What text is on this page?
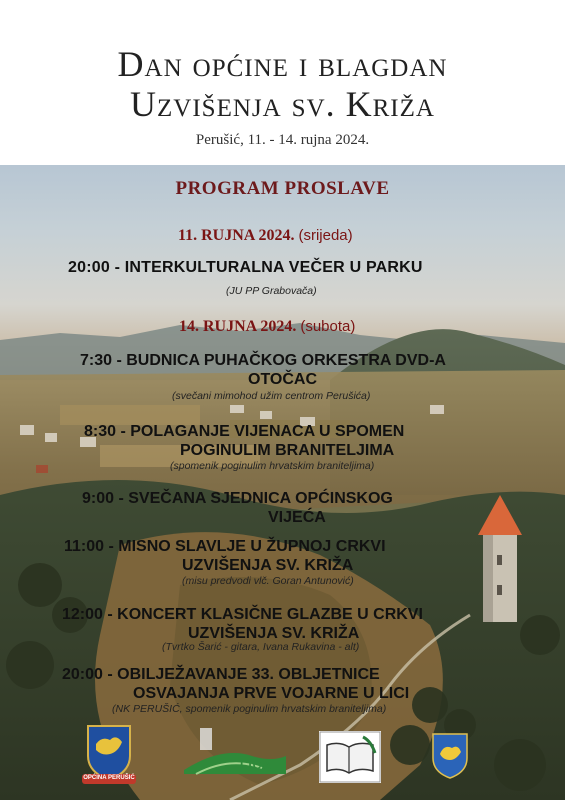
Dan općine i blagdan
Uzvišenja sv. Križa
Perušić, 11. - 14. rujna 2024.
PROGRAM PROSLAVE
11. RUJNA 2024. (srijeda)
20:00 - INTERKULTURALNA VEČER U PARKU
(JU PP Grabovača)
14. RUJNA 2024. (subota)
7:30 - BUDNICA PUHAČKOG ORKESTRA DVD-A
OTOČAC
(svečani mimohod užim centrom Perušića)
8:30 - POLAGANJE VIJENACA U SPOMEN
POGINULIM BRANITELJIMA
(spomenik poginulim hrvatskim braniteljima)
9:00 - SVEČANA SJEDNICA OPĆINSKOG
VIJEĆA
11:00 - MISNO SLAVLJE U ŽUPNOJ CRKVI
UZVIŠENJA SV. KRIŽA
(misu predvodi vlč. Goran Antunović)
12:00 - KONCERT KLASIČNE GLAZBE U CRKVI
UZVIŠENJA SV. KRIŽA
(Tvrtko Šarić - gitara, Ivana Rukavina - alt)
20:00 - OBILJEŽAVANJE 33. OBLJETNICE
OSVAJANJA PRVE VOJARNE U LICI
(NK PERUŠIĆ, spomenik poginulim hrvatskim braniteljima)
OPĆINA PERUŠIĆ
LICA
